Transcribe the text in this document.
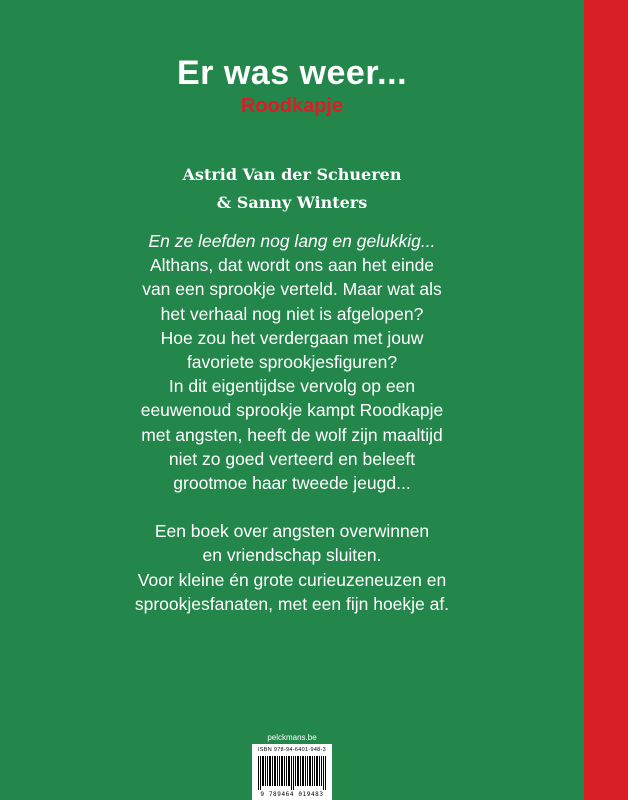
Er was weer...
Roodkapje
Astrid Van der Schueren
& Sanny Winters
En ze leefden nog lang en gelukkig...
Althans, dat wordt ons aan het einde
van een sprookje verteld. Maar wat als
het verhaal nog niet is afgelopen?
Hoe zou het verdergaan met jouw
favoriete sprookjesfiguren?
In dit eigentijdse vervolg op een
eeuwenoud sprookje kampt Roodkapje
met angsten, heeft de wolf zijn maaltijd
niet zo goed verteerd en beleeft
grootmoe haar tweede jeugd...
Een boek over angsten overwinnen
en vriendschap sluiten.
Voor kleine én grote curieuzeneuzen en
sprookjesfanaten, met een fijn hoekje af.
pelckmans.be
ISBN 978-94-6401-948-3
9 789464 019483
